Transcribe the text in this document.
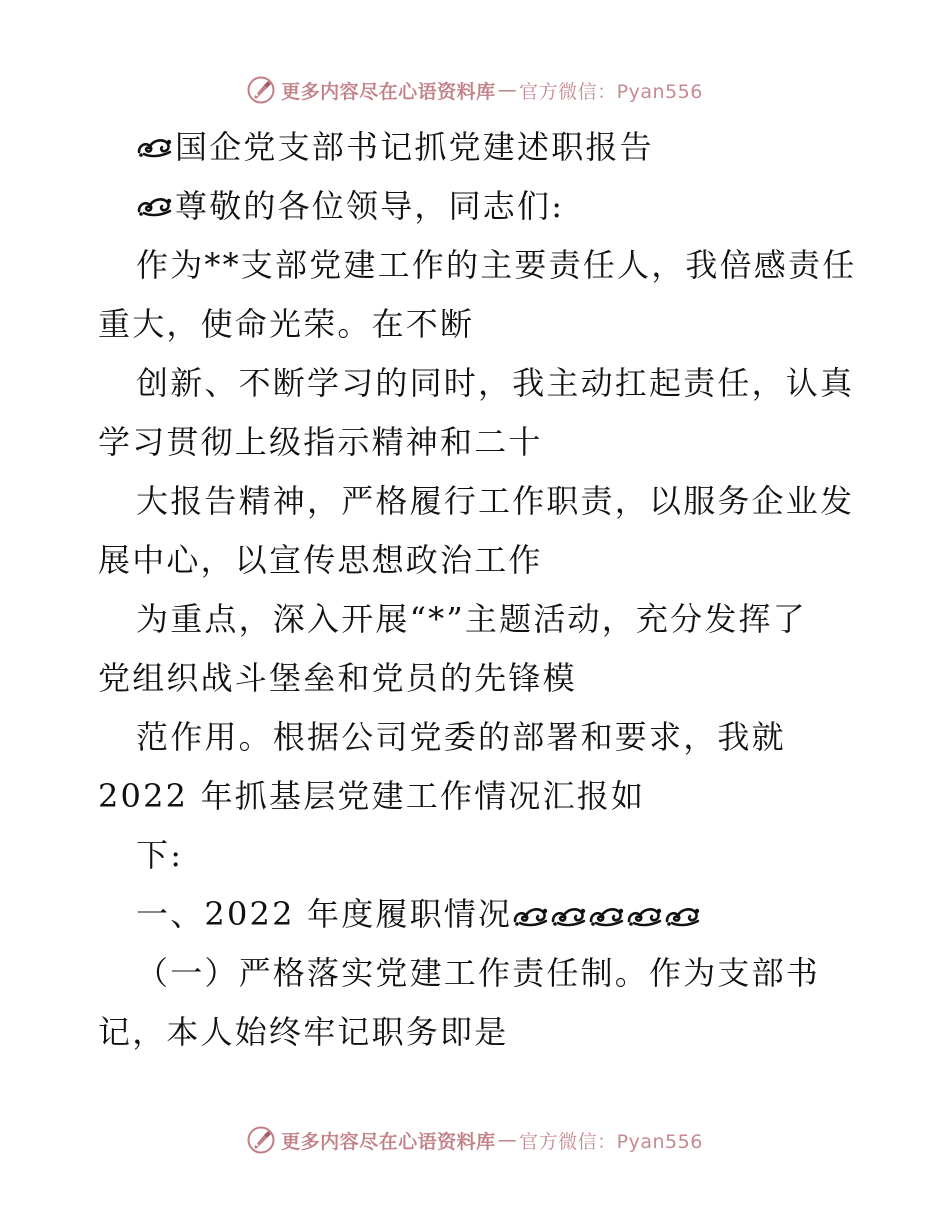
更多内容尽在心语资料库 — 官方微信：Pyan556
国企党支部书记抓党建述职报告
尊敬的各位领导，同志们:
作为**支部党建工作的主要责任人，我倍感责任
重大，使命光荣。在不断
创新、不断学习的同时，我主动扛起责任，认真
学习贯彻上级指示精神和二十
大报告精神，严格履行工作职责，以服务企业发
展中心，以宣传思想政治工作
为重点，深入开展“*”主题活动，充分发挥了
党组织战斗堡垒和党员的先锋模
范作用。根据公司党委的部署和要求，我就
2022 年抓基层党建工作情况汇报如
下:
一、2022 年度履职情况
（一）严格落实党建工作责任制。作为支部书
记，本人始终牢记职务即是
更多内容尽在心语资料库 — 官方微信：Pyan556
